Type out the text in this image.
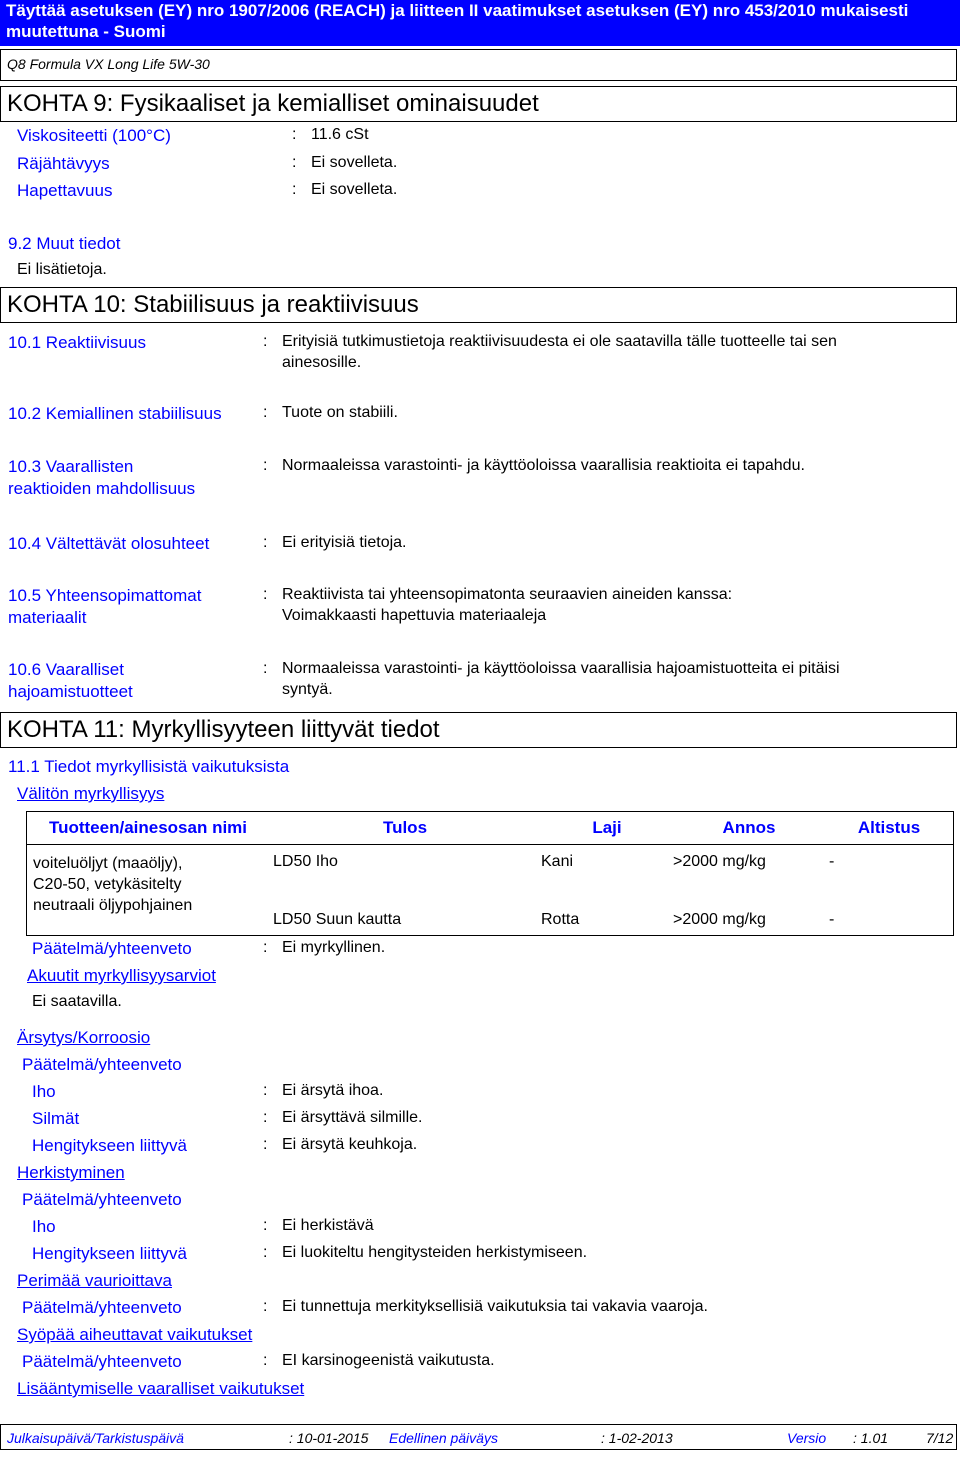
Täyttää asetuksen (EY) nro 1907/2006 (REACH) ja liitteen II vaatimukset asetuksen (EY) nro 453/2010 mukaisesti muutettuna - Suomi
Q8 Formula VX Long Life 5W-30
KOHTA 9: Fysikaaliset ja kemialliset ominaisuudet
Viskositeetti (100°C)	: 11.6 cSt
Räjähtävyys	: Ei sovelleta.
Hapettavuus	: Ei sovelleta.
9.2 Muut tiedot
Ei lisätietoja.
KOHTA 10: Stabiilisuus ja reaktiivisuus
10.1 Reaktiivisuus	: Erityisiä tutkimustietoja reaktiivisuudesta ei ole saatavilla tälle tuotteelle tai sen
ainesosille.
10.2 Kemiallinen stabiilisuus	: Tuote on stabiili.
10.3 Vaarallisten
reaktioiden mahdollisuus
: Normaaleissa varastointi- ja käyttöoloissa vaarallisia reaktioita ei tapahdu.
10.4 Vältettävät olosuhteet	: Ei erityisiä tietoja.
10.5 Yhteensopimattomat
materiaalit
: Reaktiivista tai yhteensopimatonta seuraavien aineiden kanssa:
Voimakkaasti hapettuvia materiaaleja
10.6 Vaaralliset
hajoamistuotteet
: Normaaleissa varastointi- ja käyttöoloissa vaarallisia hajoamistuotteita ei pitäisi
syntyä.
KOHTA 11: Myrkyllisyyteen liittyvät tiedot
11.1 Tiedot myrkyllisistä vaikutuksista
Välitön myrkyllisyys
Tuotteen/ainesosan nimi	Tulos	Laji	Annos	Altistus

voiteluöljyt (maaöljy),
C20-50, vetykäsitelty
neutraali öljypohjainen	LD50 Iho	Kani	>2000 mg/kg	-
	LD50 Suun kautta	Rotta	>2000 mg/kg	-
Päätelmä/yhteenveto	: Ei myrkyllinen.
Akuutit myrkyllisyysarviot
Ei saatavilla.
Ärsytys/Korroosio
Päätelmä/yhteenveto
Iho	: Ei ärsytä ihoa.
Silmät	: Ei ärsyttävä silmille.
Hengitykseen liittyvä	: Ei ärsytä keuhkoja.
Herkistyminen
Päätelmä/yhteenveto
Iho	: Ei herkistävä
Hengitykseen liittyvä	: Ei luokiteltu hengitysteiden herkistymiseen.
Perimää vaurioittava
Päätelmä/yhteenveto	: Ei tunnettuja merkityksellisiä vaikutuksia tai vakavia vaaroja.
Syöpää aiheuttavat vaikutukset
Päätelmä/yhteenveto	: EI karsinogeenistä vaikutusta.
Lisääntymiselle vaaralliset vaikutukset
Julkaisupäivä/Tarkistuspäivä	: 10-01-2015 Edellinen päiväys	: 1-02-2013	Versio : 1.01	7/12
